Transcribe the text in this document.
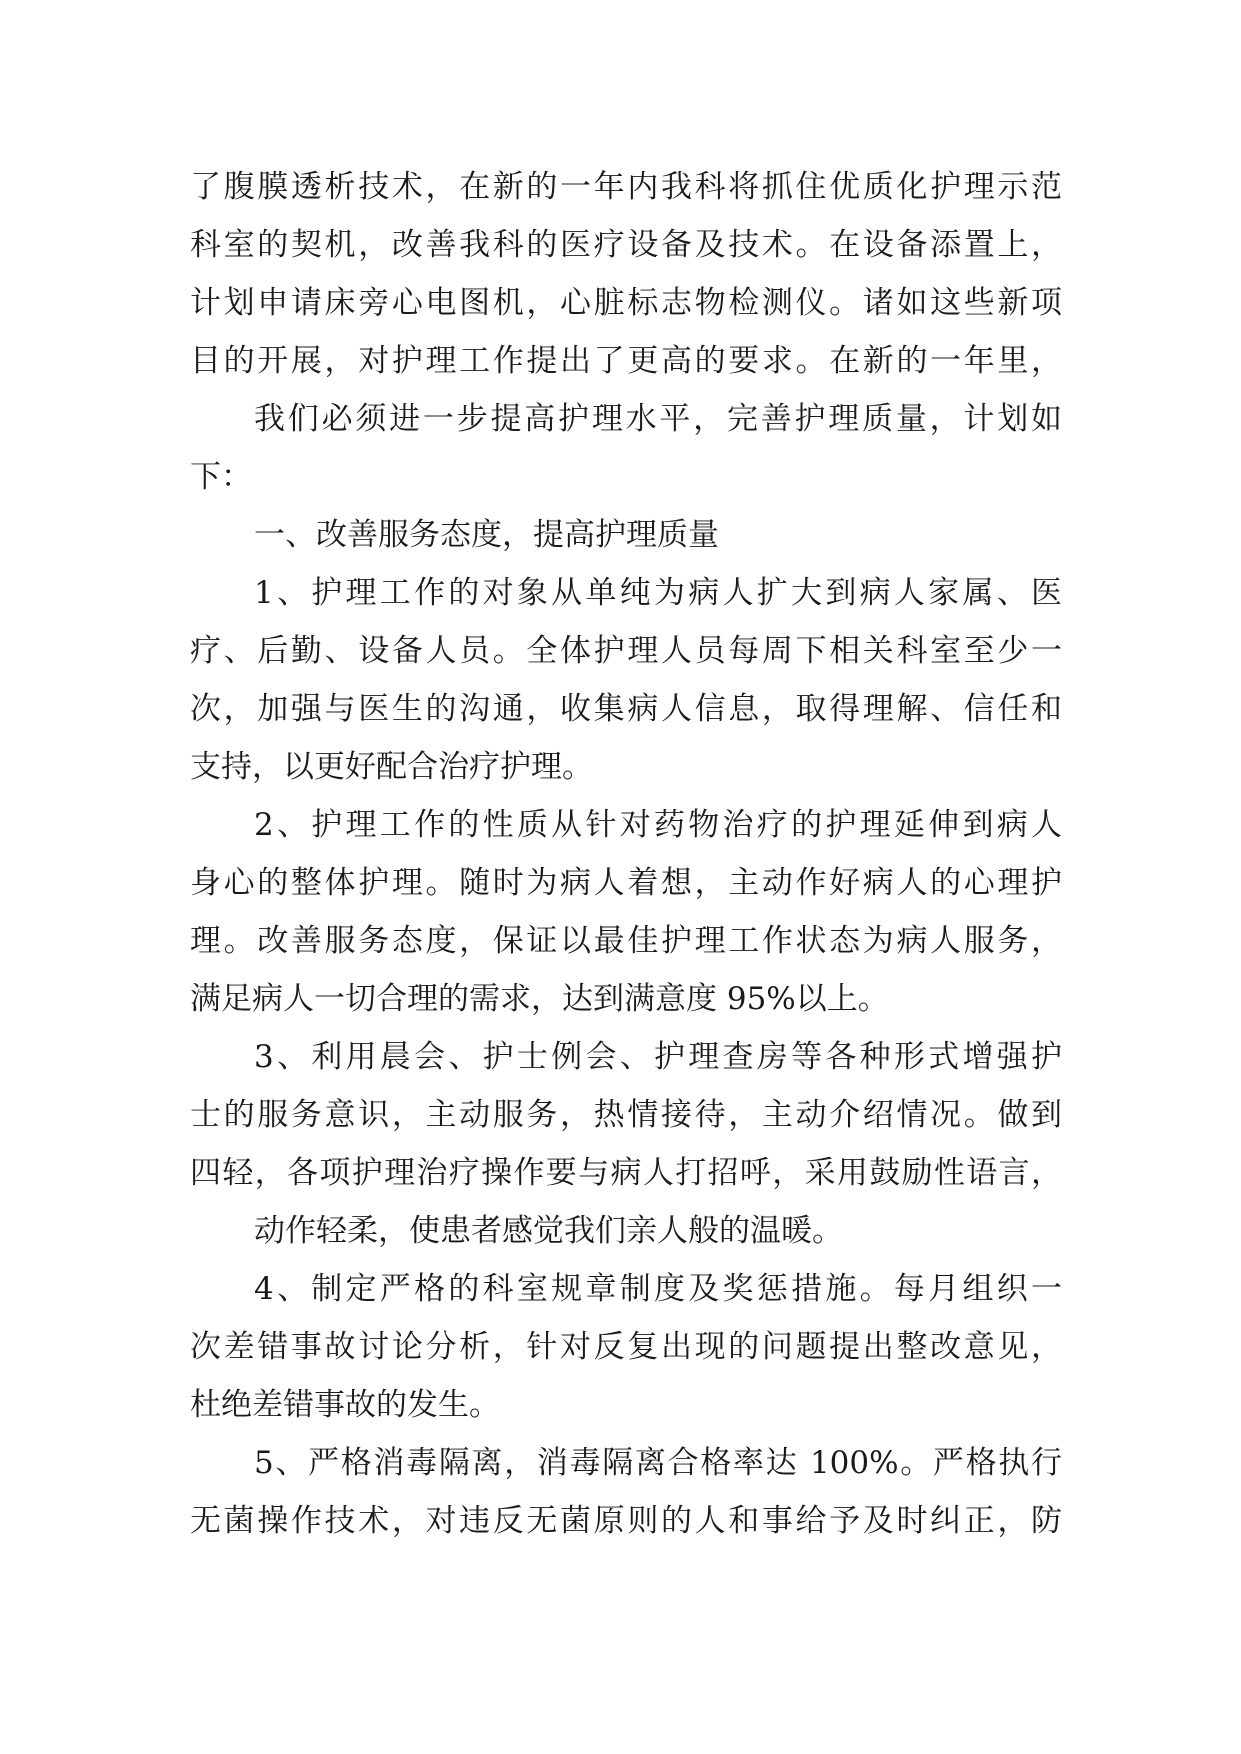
了腹膜透析技术，在新的一年内我科将抓住优质化护理示范
科室的契机，改善我科的医疗设备及技术。在设备添置上，
计划申请床旁心电图机，心脏标志物检测仪。诸如这些新项
目的开展，对护理工作提出了更高的要求。在新的一年里，
我们必须进一步提高护理水平，完善护理质量，计划如
下：
一、改善服务态度，提高护理质量
1、护理工作的对象从单纯为病人扩大到病人家属、医
疗、后勤、设备人员。全体护理人员每周下相关科室至少一
次，加强与医生的沟通，收集病人信息，取得理解、信任和
支持，以更好配合治疗护理。
2、护理工作的性质从针对药物治疗的护理延伸到病人
身心的整体护理。随时为病人着想，主动作好病人的心理护
理。改善服务态度，保证以最佳护理工作状态为病人服务，
满足病人一切合理的需求，达到满意度 95%以上。
3、利用晨会、护士例会、护理查房等各种形式增强护
士的服务意识，主动服务，热情接待，主动介绍情况。做到
四轻，各项护理治疗操作要与病人打招呼，采用鼓励性语言，
动作轻柔，使患者感觉我们亲人般的温暖。
4、制定严格的科室规章制度及奖惩措施。每月组织一
次差错事故讨论分析，针对反复出现的问题提出整改意见，
杜绝差错事故的发生。
5、严格消毒隔离，消毒隔离合格率达 100%。严格执行
无菌操作技术，对违反无菌原则的人和事给予及时纠正，防
